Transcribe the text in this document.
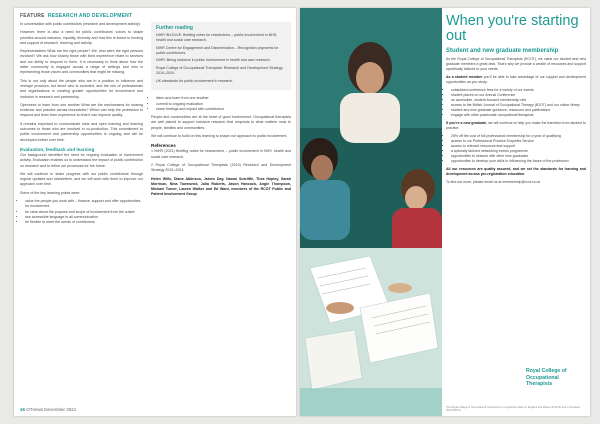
FEATURE RESEARCH AND DEVELOPMENT

In conversation with public contributors (research and development activity).

However, there is also a need for public contributors' voices to shape priorities around inclusion, equality, diversity and how this is linked to funding and support of research, learning and activity.

Representatives What are the right people? We, who were the right persons involved? We ask how closely those with lived experience relate to services and our ability to respond to them. It is necessary to think about how the wider community is engaged across a range of settings and who is representing those voices and communities that might be missing.

This is not only about the people who are in a position to influence and reshape provision, but about who is excluded, and the role of professionals and organisations in creating greater opportunities for involvement and inclusion in research and partnership.

Openness to learn from one another What are the mechanisms for sharing evidence and practice across boundaries? Which can help the profession to respond and learn from experience so that it can improve quality.

It remains important to communicate clear and open learning and learning outcomes to those who are involved in co-production. This commitment to public involvement and partnership opportunities is ongoing and will be developed further over time.

Evaluation, feedback and learning

Our background identified the need for ongoing evaluation of involvement activity. Evaluation enables us to understand the impact of public contribution on research and to refine our processes for the future.

We will continue to share progress with our public contributors through regular updates and newsletters, and we will work with them to improve our approach over time.

Some of the key learning points were:

• value the people you work with – finance, support and offer opportunities for involvement
• be clear about the purpose and scope of involvement from the outset
• use accessible language in all communication
• be flexible to meet the needs of contributors
Further reading

NIHR INVOLVE: Briefing notes for researchers – public involvement in NHS, health and social care research.

NIHR Centre for Engagement and Dissemination – Recognition payments for public contributors.

NIHR: Being inclusive in public involvement in health and care research.

Royal College of Occupational Therapists' Research and Development Strategy 2019–2024.

UK standards for public involvement in research.

• listen and learn from one another
• commit to ongoing evaluation
• share findings and impact with contributors

People and communities are at the heart of good involvement. Occupational therapists are well placed to support inclusive research that responds to what matters most to people, families and communities.

We will continue to build on this learning to shape our approach to public involvement.

References

1 NIHR (2021) Briefing notes for researchers – public involvement in NHS, health and social care research.

2 Royal College of Occupational Therapists (2019) Research and Development Strategy 2019–2024.

Helen Wills, Diane Atkinson, James Day, Naomi Sutcliffe, Thea Hopley, Sarah Morrison, Nina Townsend, Julia Roberts, Jason Hancock, Angie Thompson, Michael Turner, Lauren Walker and Ed Ward, members of the RCOT Public and Patient Involvement Group

46 OTnews December 2021
When you're starting out
Student and new graduate membership

As the Royal College of Occupational Therapists (RCOT), we value our student and new graduate members a great deal. That's why we provide a wealth of resources and support specifically tailored to your needs.

As a student member you'll be able to take advantage of our support and development opportunities as you study:

• subsidised conference fees for a variety of our events
• student places on our Annual Conference
• an accessible, student-focused membership rate
• access to the British Journal of Occupational Therapy (BJOT) and our online library
• student and new graduate guidance, resources and publications
• engage with other passionate occupational therapists

If you're a new graduate, we will continue to help you make the transition from student to practice:

• 25% off the cost of full professional membership for a year of qualifying
• access to our Professional Practice Enquiries Service
• access to relevant resources and support
• a specially tailored networking events programme
• opportunities to network with other new graduates
• opportunities to develop your skills in influencing the future of the profession

All our resources are quality assured, and we set the standards for learning and development across pre-registration education.

To find out more, please email us at membership@rcot.co.uk

Royal College of
Occupational
Therapists
The Royal College of Occupational Therapists is a registered charity in England and Wales (275119) and in Scotland (SCO39573).
